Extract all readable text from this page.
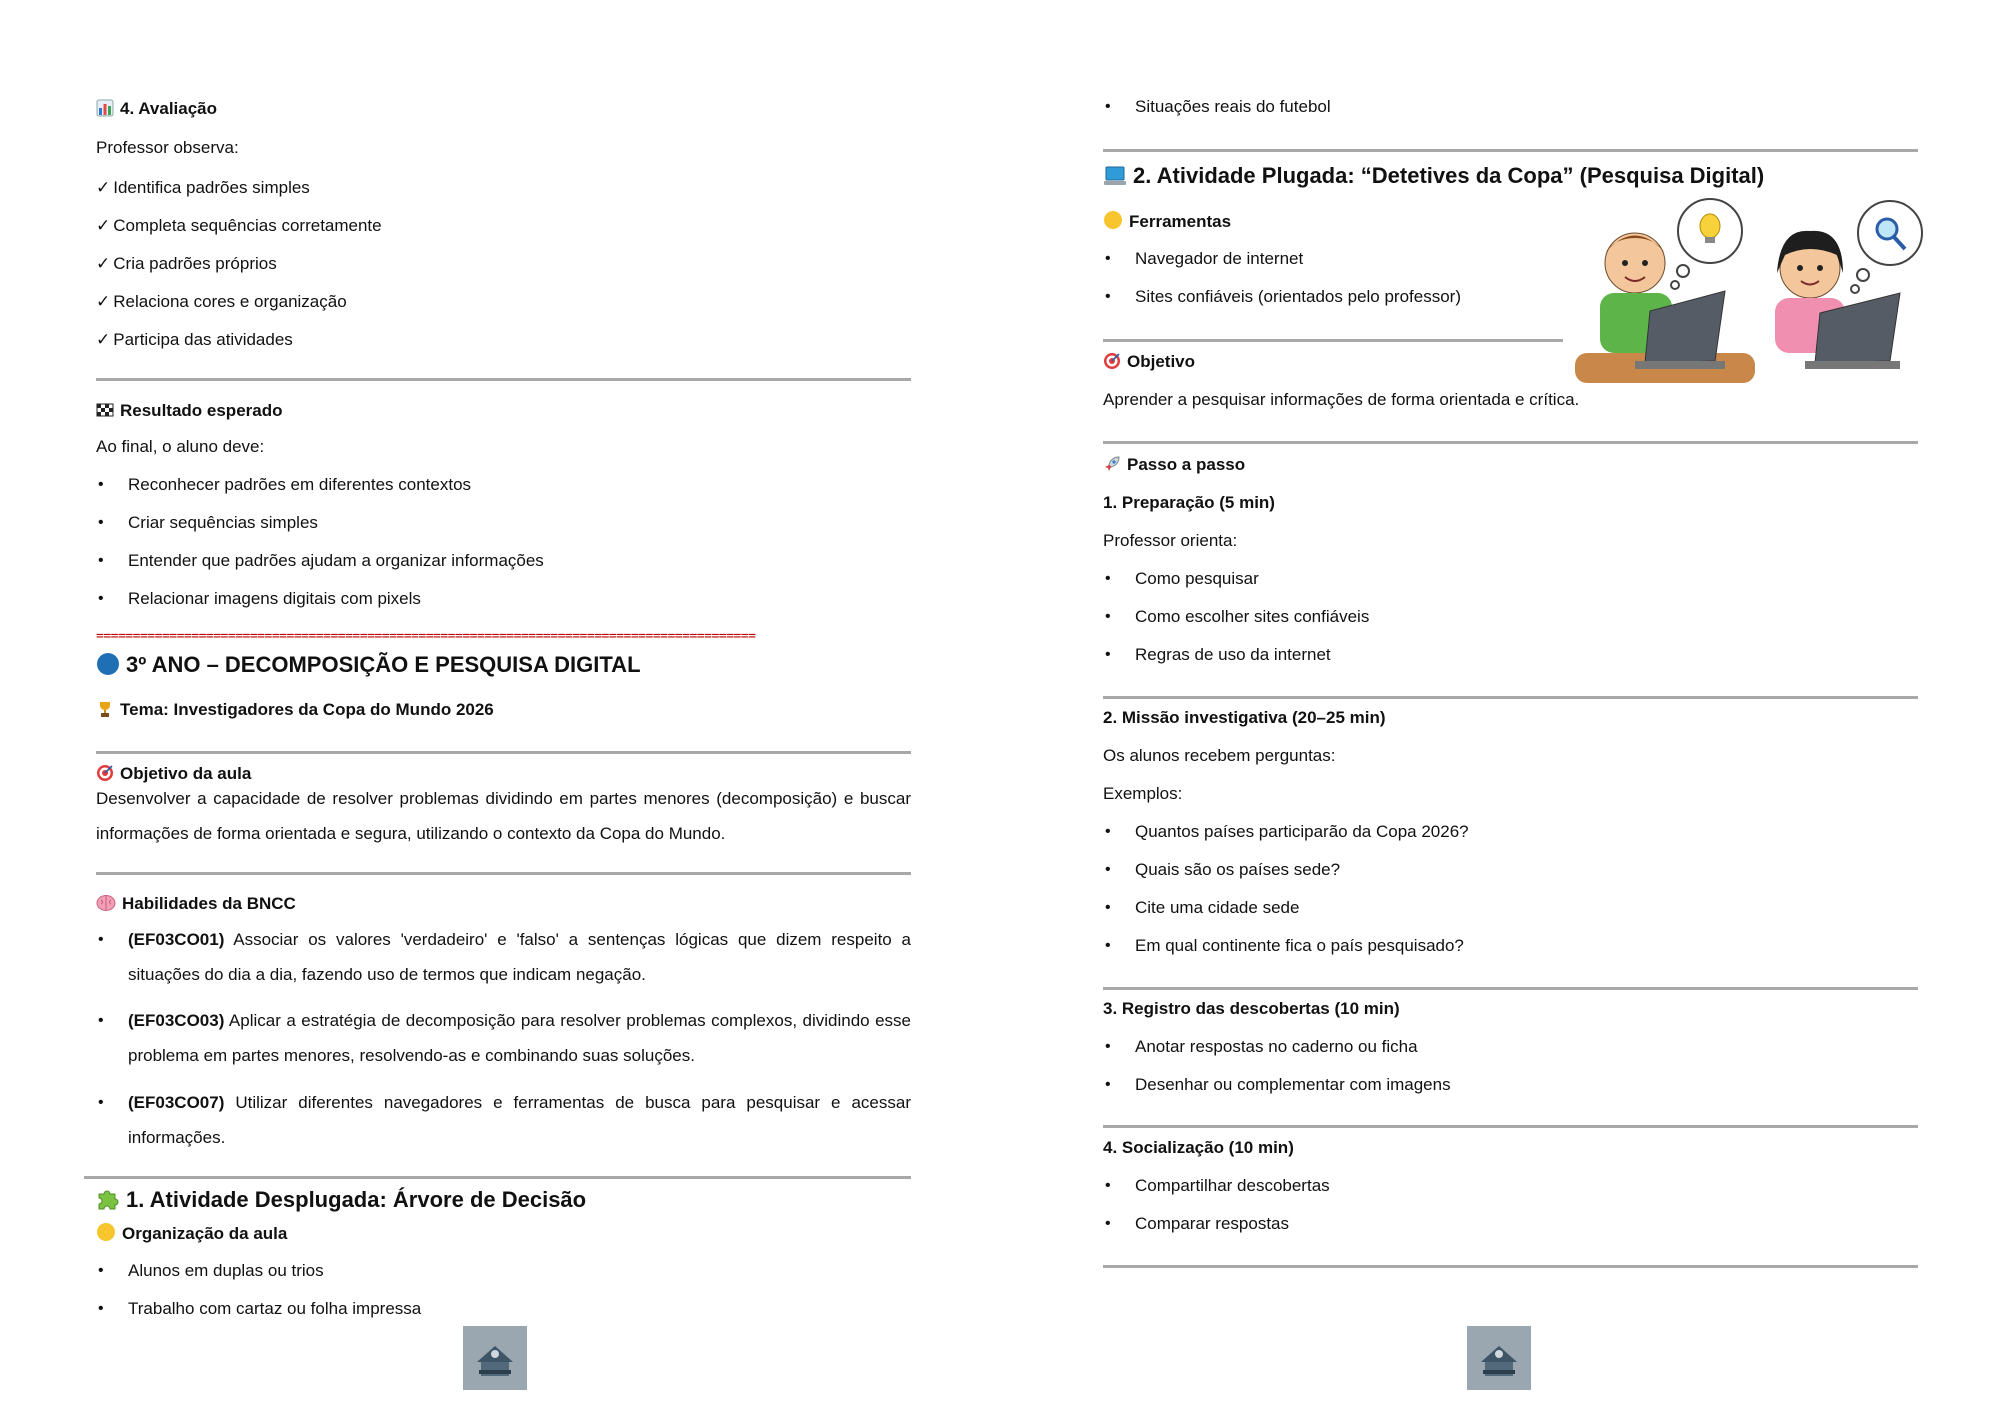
4. Avaliação
Professor observa:
✓ Identifica padrões simples
✓ Completa sequências corretamente
✓ Cria padrões próprios
✓ Relaciona cores e organização
✓ Participa das atividades
Resultado esperado
Ao final, o aluno deve:
• Reconhecer padrões em diferentes contextos
• Criar sequências simples
• Entender que padrões ajudam a organizar informações
• Relacionar imagens digitais com pixels
==========================================================================================
3º ANO – DECOMPOSIÇÃO E PESQUISA DIGITAL
Tema: Investigadores da Copa do Mundo 2026
Objetivo da aula
Desenvolver a capacidade de resolver problemas dividindo em partes menores (decomposição) e buscar informações de forma orientada e segura, utilizando o contexto da Copa do Mundo.
Habilidades da BNCC
• (EF03CO01) Associar os valores 'verdadeiro' e 'falso' a sentenças lógicas que dizem respeito a situações do dia a dia, fazendo uso de termos que indicam negação.
• (EF03CO03) Aplicar a estratégia de decomposição para resolver problemas complexos, dividindo esse problema em partes menores, resolvendo-as e combinando suas soluções.
• (EF03CO07) Utilizar diferentes navegadores e ferramentas de busca para pesquisar e acessar informações.
1. Atividade Desplugada: Árvore de Decisão
Organização da aula
• Alunos em duplas ou trios
• Trabalho com cartaz ou folha impressa
• Situações reais do futebol
2. Atividade Plugada: “Detetives da Copa” (Pesquisa Digital)
Ferramentas
• Navegador de internet
• Sites confiáveis (orientados pelo professor)
Objetivo
Aprender a pesquisar informações de forma orientada e crítica.
Passo a passo
1. Preparação (5 min)
Professor orienta:
• Como pesquisar
• Como escolher sites confiáveis
• Regras de uso da internet
2. Missão investigativa (20–25 min)
Os alunos recebem perguntas:
Exemplos:
• Quantos países participarão da Copa 2026?
• Quais são os países sede?
• Cite uma cidade sede
• Em qual continente fica o país pesquisado?
3. Registro das descobertas (10 min)
• Anotar respostas no caderno ou ficha
• Desenhar ou complementar com imagens
4. Socialização (10 min)
• Compartilhar descobertas
• Comparar respostas
